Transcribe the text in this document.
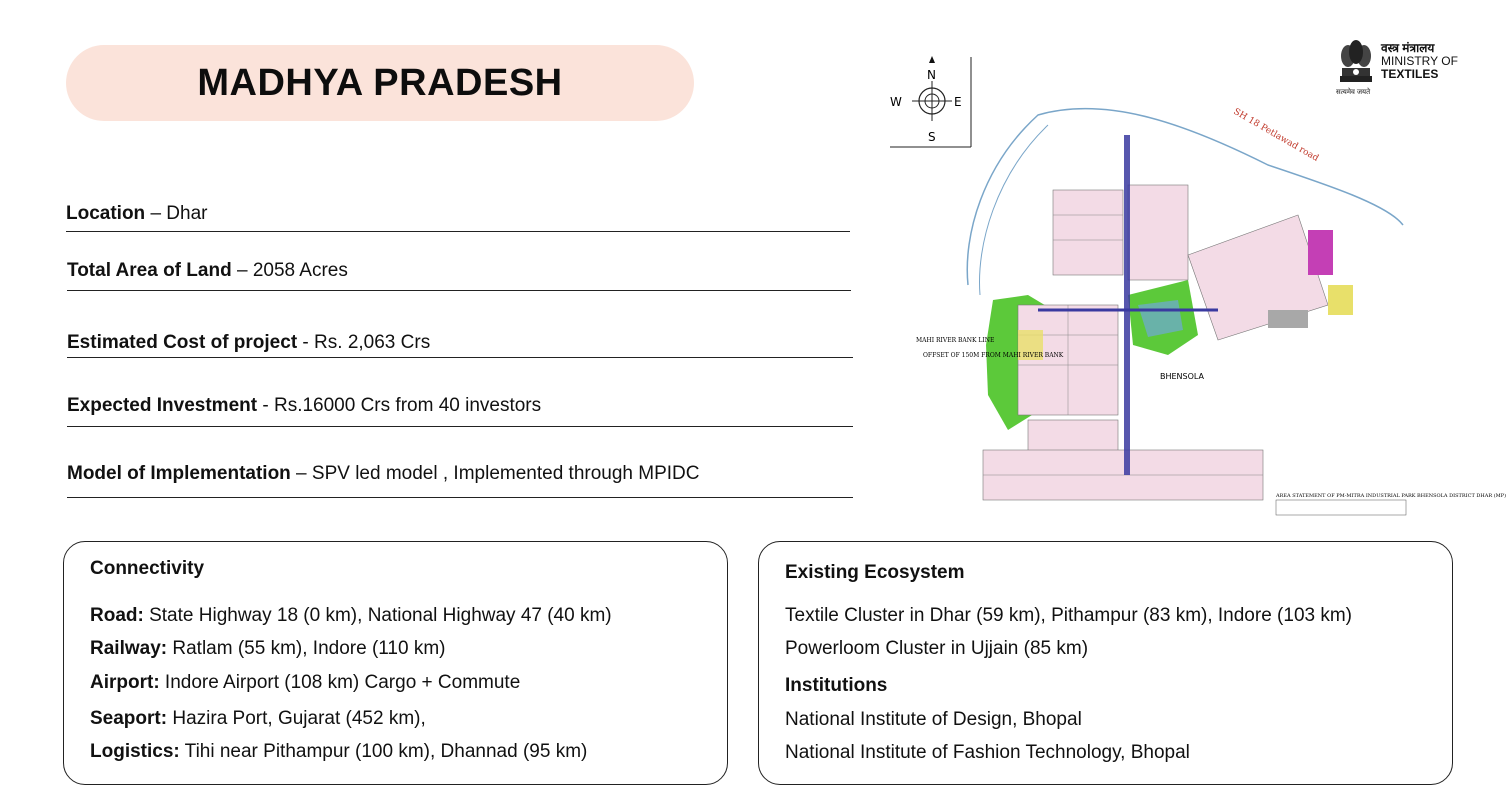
MADHYA PRADESH
वस्त्र मंत्रालय
MINISTRY OF
TEXTILES
सत्यमेव जयते
Location – Dhar
Total Area of Land – 2058 Acres
Estimated Cost of project - Rs. 2,063 Crs
Expected Investment - Rs.16000 Crs from 40 investors
Model of Implementation – SPV led model , Implemented through MPIDC
Connectivity
Road: State Highway 18 (0 km), National Highway 47 (40 km)
Railway: Ratlam (55 km), Indore (110 km)
Airport: Indore Airport (108 km) Cargo + Commute
Seaport: Hazira Port, Gujarat (452 km),
Logistics: Tihi near Pithampur (100 km), Dhannad (95 km)
Existing Ecosystem
Textile Cluster in Dhar (59 km), Pithampur (83 km), Indore (103 km)
Powerloom Cluster in Ujjain (85 km)
Institutions
National Institute of Design, Bhopal
National Institute of Fashion Technology, Bhopal
N
S
E
W
SH 18 Petlawad road
MAHI RIVER BANK LINE
OFFSET OF 150M FROM MAHI RIVER BANK
BHENSOLA
AREA STATEMENT OF PM-MITRA INDUSTRIAL PARK BHENSOLA DISTRICT DHAR (MP)
